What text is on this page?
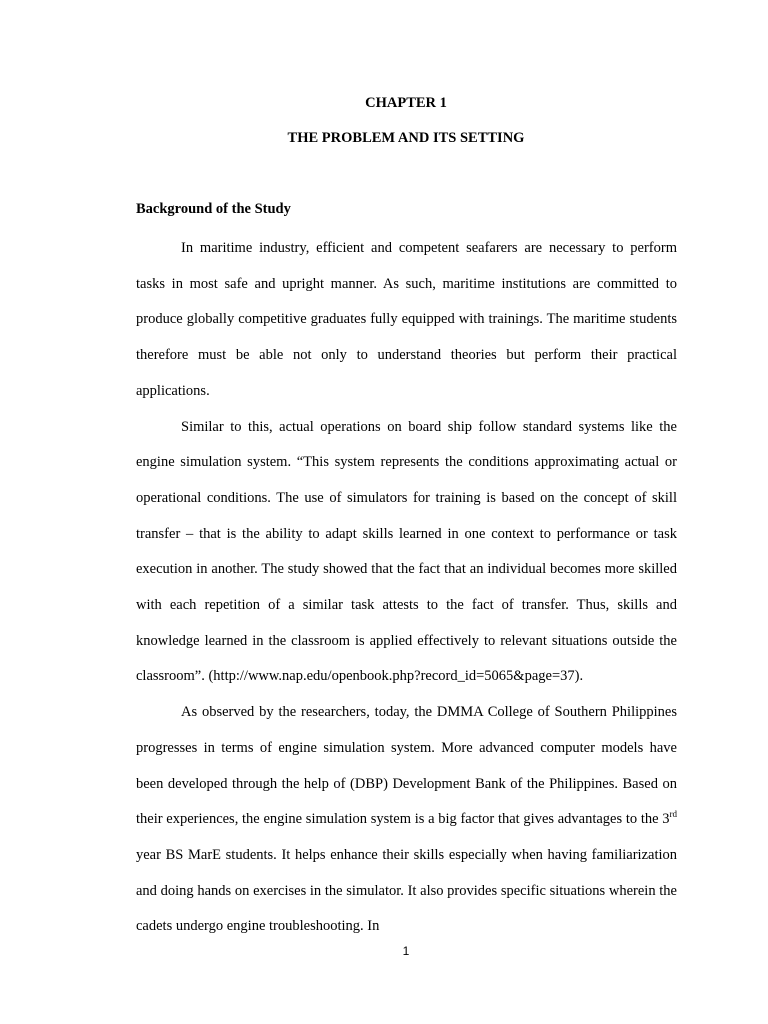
CHAPTER 1
THE PROBLEM AND ITS SETTING
Background of the Study

In maritime industry, efficient and competent seafarers are necessary to perform tasks in most safe and upright manner. As such, maritime institutions are committed to produce globally competitive graduates fully equipped with trainings. The maritime students therefore must be able not only to understand theories but perform their practical applications.

Similar to this, actual operations on board ship follow standard systems like the engine simulation system. “This system represents the conditions approximating actual or operational conditions. The use of simulators for training is based on the concept of skill transfer – that is the ability to adapt skills learned in one context to performance or task execution in another. The study showed that the fact that an individual becomes more skilled with each repetition of a similar task attests to the fact of transfer. Thus, skills and knowledge learned in the classroom is applied effectively to relevant situations outside the classroom”. (http://www.nap.edu/openbook.php?record_id=5065&page=37).

As observed by the researchers, today, the DMMA College of Southern Philippines progresses in terms of engine simulation system. More advanced computer models have been developed through the help of (DBP) Development Bank of the Philippines. Based on their experiences, the engine simulation system is a big factor that gives advantages to the 3rd year BS MarE students. It helps enhance their skills especially when having familiarization and doing hands on exercises in the simulator. It also provides specific situations wherein the cadets undergo engine troubleshooting. In

1
